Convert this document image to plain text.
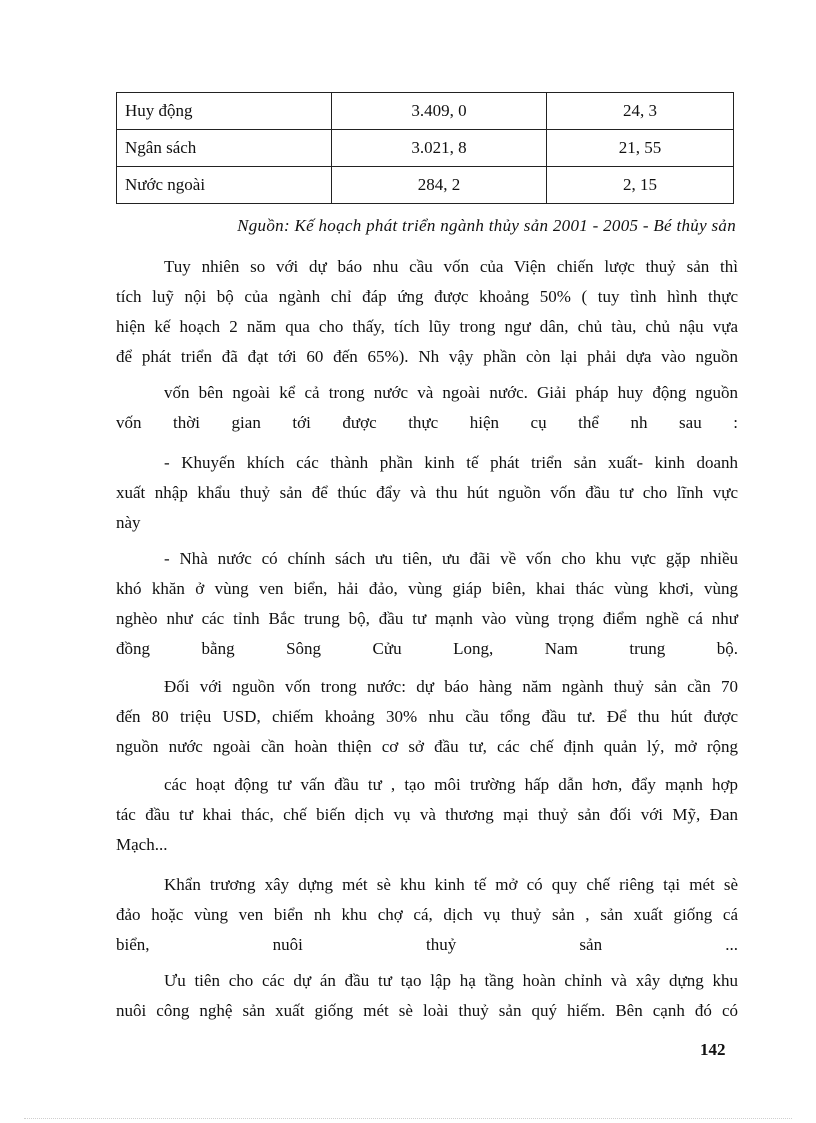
Huy động	3.409, 0	24, 3
Ngân sách	3.021, 8	21, 55
Nước ngoài	284, 2	2, 15
Nguồn: Kế hoạch phát triển ngành thủy sản 2001 - 2005 - Bé thủy sản
Tuy nhiên so với dự báo nhu cầu vốn của Viện chiến lược thuỷ sản thì
tích luỹ nội bộ của ngành chỉ đáp ứng được khoảng 50% ( tuy tình hình thực
hiện kế hoạch 2 năm qua cho thấy, tích lũy trong ngư dân, chủ tàu, chủ nậu vựa
để phát triển đã đạt tới 60 đến 65%). Nh vậy phần còn lại phải dựa vào nguồn
vốn bên ngoài kể cả trong nước và ngoài nước. Giải pháp huy động nguồn
vốn thời gian tới được thực hiện cụ thể nh sau :
- Khuyến khích các thành phần kinh tế phát triển sản xuất- kinh doanh
xuất nhập khẩu thuỷ sản để thúc đẩy và thu hút nguồn vốn đầu tư cho lĩnh vực
này
- Nhà nước có chính sách ưu tiên, ưu đãi về vốn cho khu vực gặp nhiều
khó khăn ở vùng ven biển, hải đảo, vùng giáp biên, khai thác vùng khơi, vùng
nghèo như các tỉnh Bắc trung bộ, đầu tư mạnh vào vùng trọng điểm nghề cá như
đồng bằng Sông Cửu Long, Nam trung bộ.
Đối với nguồn vốn trong nước: dự báo hàng năm ngành thuỷ sản cần 70
đến 80 triệu USD, chiếm khoảng 30% nhu cầu tổng đầu tư. Để thu hút được
nguồn nước ngoài cần hoàn thiện cơ sở đầu tư, các chế định quản lý, mở rộng
các hoạt động tư vấn đầu tư , tạo môi trường hấp dẫn hơn, đẩy mạnh hợp
tác đầu tư khai thác, chế biến dịch vụ và thương mại thuỷ sản đối với Mỹ, Đan
Mạch...
Khẩn trương xây dựng mét sè khu kinh tế mở có quy chế riêng tại mét sè
đảo hoặc vùng ven biển nh khu chợ cá, dịch vụ thuỷ sản , sản xuất giống cá
biển, nuôi thuỷ sản ...
Ưu tiên cho các dự án đầu tư tạo lập hạ tầng hoàn chỉnh và xây dựng khu
nuôi công nghệ sản xuất giống mét sè loài thuỷ sản quý hiếm. Bên cạnh đó có
142
